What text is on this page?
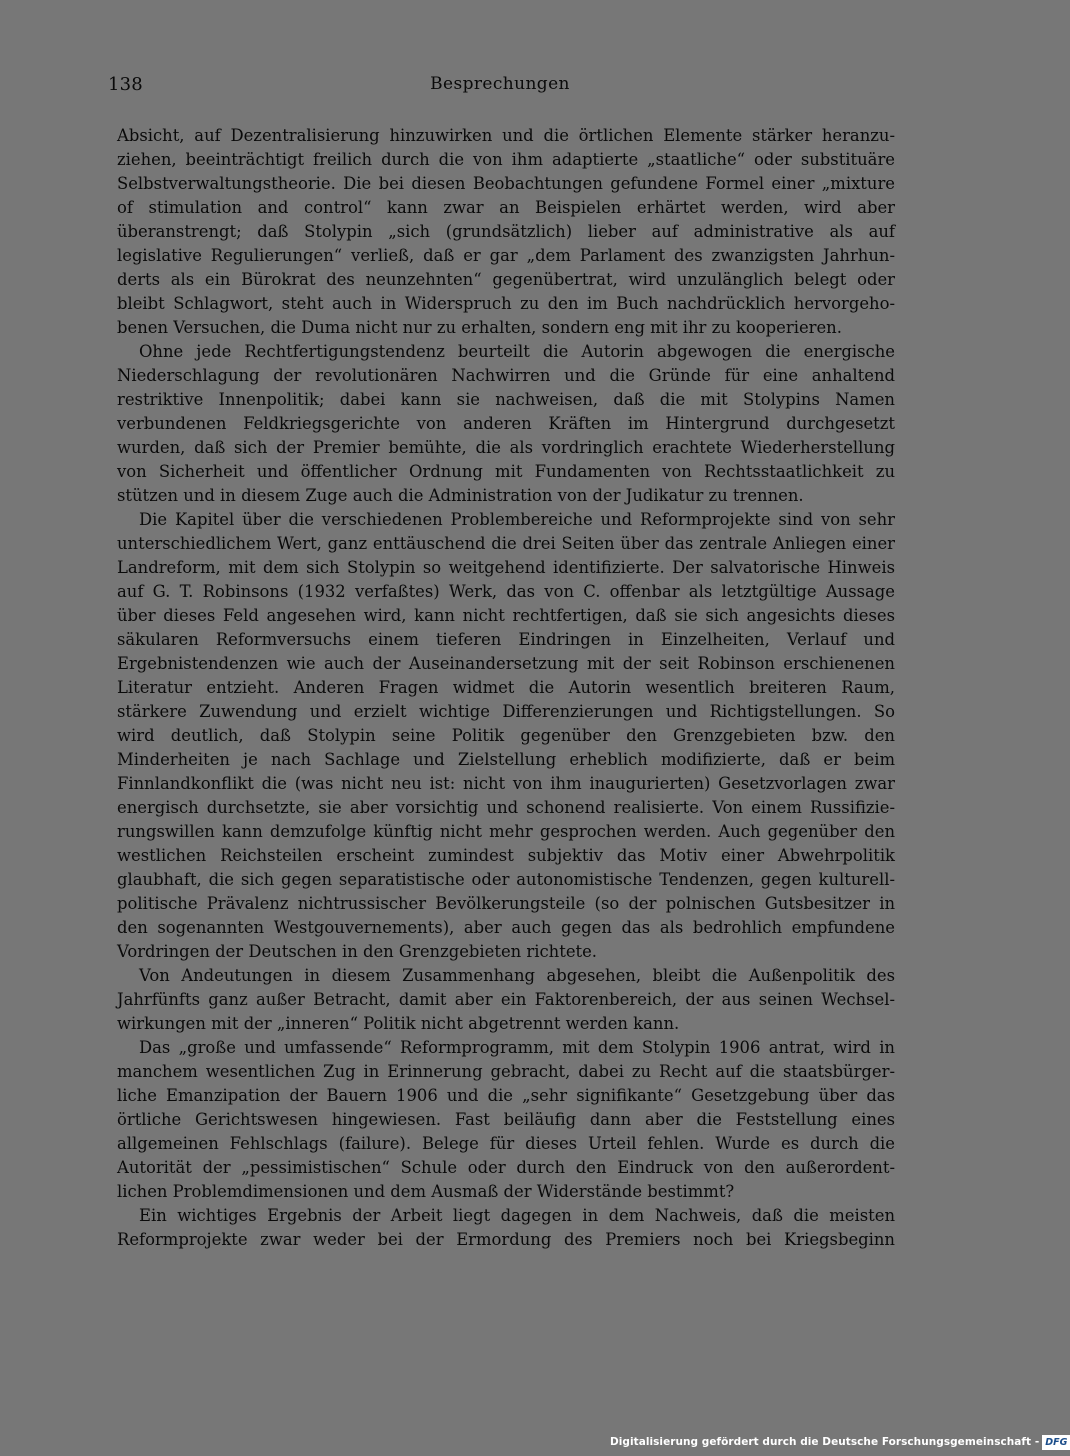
138	Besprechungen
Absicht, auf Dezentralisierung hinzuwirken und die örtlichen Elemente stärker heranzu-
ziehen, beeinträchtigt freilich durch die von ihm adaptierte „staatliche“ oder substituäre
Selbstverwaltungstheorie. Die bei diesen Beobachtungen gefundene Formel einer „mixture
of stimulation and control“ kann zwar an Beispielen erhärtet werden, wird aber
überanstrengt; daß Stolypin „sich (grundsätzlich) lieber auf administrative als auf
legislative Regulierungen“ verließ, daß er gar „dem Parlament des zwanzigsten Jahrhun-
derts als ein Bürokrat des neunzehnten“ gegenübertrat, wird unzulänglich belegt oder
bleibt Schlagwort, steht auch in Widerspruch zu den im Buch nachdrücklich hervorgeho-
benen Versuchen, die Duma nicht nur zu erhalten, sondern eng mit ihr zu kooperieren.
Ohne jede Rechtfertigungstendenz beurteilt die Autorin abgewogen die energische
Niederschlagung der revolutionären Nachwirren und die Gründe für eine anhaltend
restriktive Innenpolitik; dabei kann sie nachweisen, daß die mit Stolypins Namen
verbundenen Feldkriegsgerichte von anderen Kräften im Hintergrund durchgesetzt
wurden, daß sich der Premier bemühte, die als vordringlich erachtete Wiederherstellung
von Sicherheit und öffentlicher Ordnung mit Fundamenten von Rechtsstaatlichkeit zu
stützen und in diesem Zuge auch die Administration von der Judikatur zu trennen.
Die Kapitel über die verschiedenen Problembereiche und Reformprojekte sind von sehr
unterschiedlichem Wert, ganz enttäuschend die drei Seiten über das zentrale Anliegen einer
Landreform, mit dem sich Stolypin so weitgehend identifizierte. Der salvatorische Hinweis
auf G. T. Robinsons (1932 verfaßtes) Werk, das von C. offenbar als letztgültige Aussage
über dieses Feld angesehen wird, kann nicht rechtfertigen, daß sie sich angesichts dieses
säkularen Reformversuchs einem tieferen Eindringen in Einzelheiten, Verlauf und
Ergebnistendenzen wie auch der Auseinandersetzung mit der seit Robinson erschienenen
Literatur entzieht. Anderen Fragen widmet die Autorin wesentlich breiteren Raum,
stärkere Zuwendung und erzielt wichtige Differenzierungen und Richtigstellungen. So
wird deutlich, daß Stolypin seine Politik gegenüber den Grenzgebieten bzw. den
Minderheiten je nach Sachlage und Zielstellung erheblich modifizierte, daß er beim
Finnlandkonflikt die (was nicht neu ist: nicht von ihm inaugurierten) Gesetzvorlagen zwar
energisch durchsetzte, sie aber vorsichtig und schonend realisierte. Von einem Russifizie-
rungswillen kann demzufolge künftig nicht mehr gesprochen werden. Auch gegenüber den
westlichen Reichsteilen erscheint zumindest subjektiv das Motiv einer Abwehrpolitik
glaubhaft, die sich gegen separatistische oder autonomistische Tendenzen, gegen kulturell-
politische Prävalenz nichtrussischer Bevölkerungsteile (so der polnischen Gutsbesitzer in
den sogenannten Westgouvernements), aber auch gegen das als bedrohlich empfundene
Vordringen der Deutschen in den Grenzgebieten richtete.
Von Andeutungen in diesem Zusammenhang abgesehen, bleibt die Außenpolitik des
Jahrfünfts ganz außer Betracht, damit aber ein Faktorenbereich, der aus seinen Wechsel-
wirkungen mit der „inneren“ Politik nicht abgetrennt werden kann.
Das „große und umfassende“ Reformprogramm, mit dem Stolypin 1906 antrat, wird in
manchem wesentlichen Zug in Erinnerung gebracht, dabei zu Recht auf die staatsbürger-
liche Emanzipation der Bauern 1906 und die „sehr signifikante“ Gesetzgebung über das
örtliche Gerichtswesen hingewiesen. Fast beiläufig dann aber die Feststellung eines
allgemeinen Fehlschlags (failure). Belege für dieses Urteil fehlen. Wurde es durch die
Autorität der „pessimistischen“ Schule oder durch den Eindruck von den außerordent-
lichen Problemdimensionen und dem Ausmaß der Widerstände bestimmt?
Ein wichtiges Ergebnis der Arbeit liegt dagegen in dem Nachweis, daß die meisten
Reformprojekte zwar weder bei der Ermordung des Premiers noch bei Kriegsbeginn
Digitalisierung gefördert durch die Deutsche Forschungsgemeinschaft - DFG
